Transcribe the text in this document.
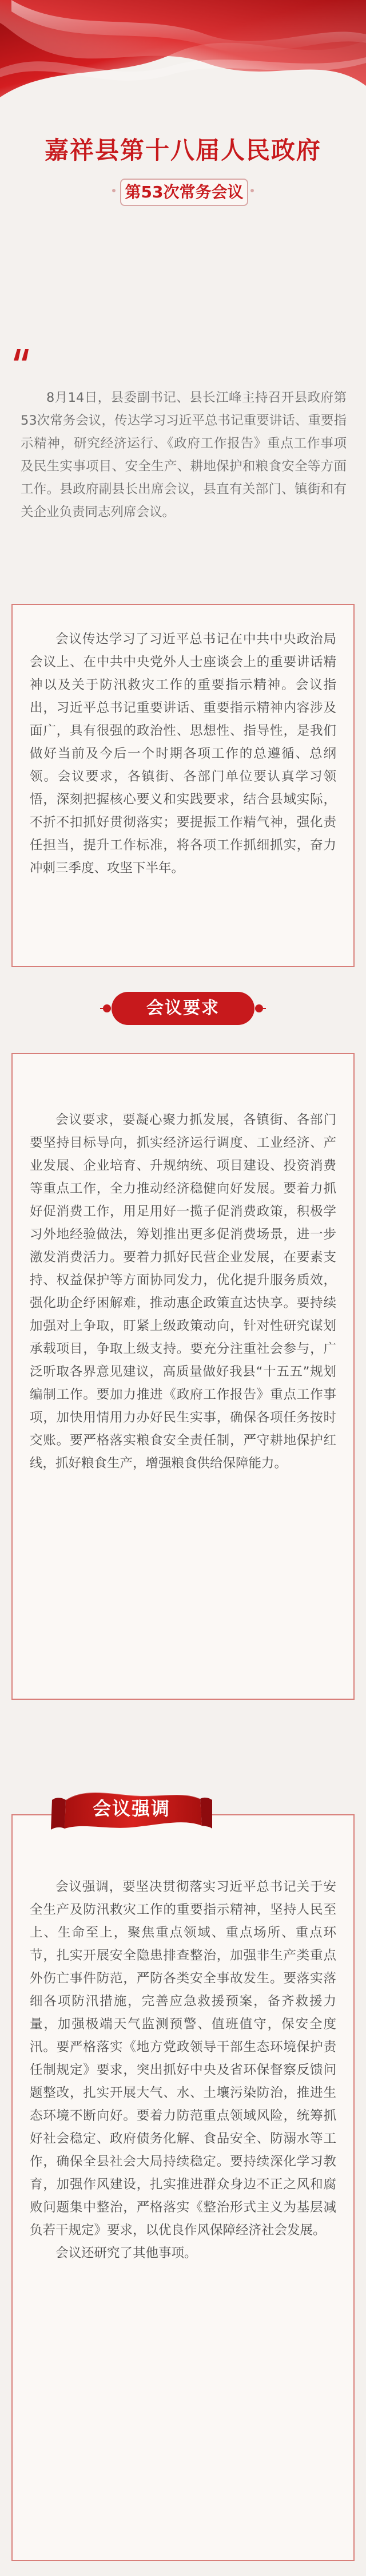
嘉祥县第十八届人民政府
第53次常务会议

8月14日，县委副书记、县长江峰主持召开县政府第53次常务会议，传达学习习近平总书记重要讲话、重要指示精神，研究经济运行、《政府工作报告》重点工作事项及民生实事项目、安全生产、耕地保护和粮食安全等方面工作。县政府副县长出席会议，县直有关部门、镇街和有关企业负责同志列席会议。

会议传达学习了习近平总书记在中共中央政治局会议上、在中共中央党外人士座谈会上的重要讲话精神以及关于防汛救灾工作的重要指示精神。会议指出，习近平总书记重要讲话、重要指示精神内容涉及面广，具有很强的政治性、思想性、指导性，是我们做好当前及今后一个时期各项工作的总遵循、总纲领。会议要求，各镇街、各部门单位要认真学习领悟，深刻把握核心要义和实践要求，结合县域实际，不折不扣抓好贯彻落实；要提振工作精气神，强化责任担当，提升工作标准，将各项工作抓细抓实，奋力冲刺三季度、攻坚下半年。

会议要求，要凝心聚力抓发展，各镇街、各部门要坚持目标导向，抓实经济运行调度、工业经济、产业发展、企业培育、升规纳统、项目建设、投资消费等重点工作，全力推动经济稳健向好发展。要着力抓好促消费工作，用足用好一揽子促消费政策，积极学习外地经验做法，筹划推出更多促消费场景，进一步激发消费活力。要着力抓好民营企业发展，在要素支持、权益保护等方面协同发力，优化提升服务质效，强化助企纾困解难，推动惠企政策直达快享。要持续加强对上争取，盯紧上级政策动向，针对性研究谋划承载项目，争取上级支持。要充分注重社会参与，广泛听取各界意见建议，高质量做好我县“十五五”规划编制工作。要加力推进《政府工作报告》重点工作事项，加快用情用力办好民生实事，确保各项任务按时交账。要严格落实粮食安全责任制，严守耕地保护红线，抓好粮食生产，增强粮食供给保障能力。

会议要求

会议强调，要坚决贯彻落实习近平总书记关于安全生产及防汛救灾工作的重要指示精神，坚持人民至上、生命至上，聚焦重点领域、重点场所、重点环节，扎实开展安全隐患排查整治，加强非生产类重点外伤亡事件防范，严防各类安全事故发生。要落实落细各项防汛措施，完善应急救援预案，备齐救援力量，加强极端天气监测预警、值班值守，保安全度汛。要严格落实《地方党政领导干部生态环境保护责任制规定》要求，突出抓好中央及省环保督察反馈问题整改，扎实开展大气、水、土壤污染防治，推进生态环境不断向好。要着力防范重点领域风险，统筹抓好社会稳定、政府债务化解、食品安全、防溺水等工作，确保全县社会大局持续稳定。要持续深化学习教育，加强作风建设，扎实推进群众身边不正之风和腐败问题集中整治，严格落实《整治形式主义为基层减负若干规定》要求，以优良作风保障经济社会发展。

会议还研究了其他事项。

会议强调
